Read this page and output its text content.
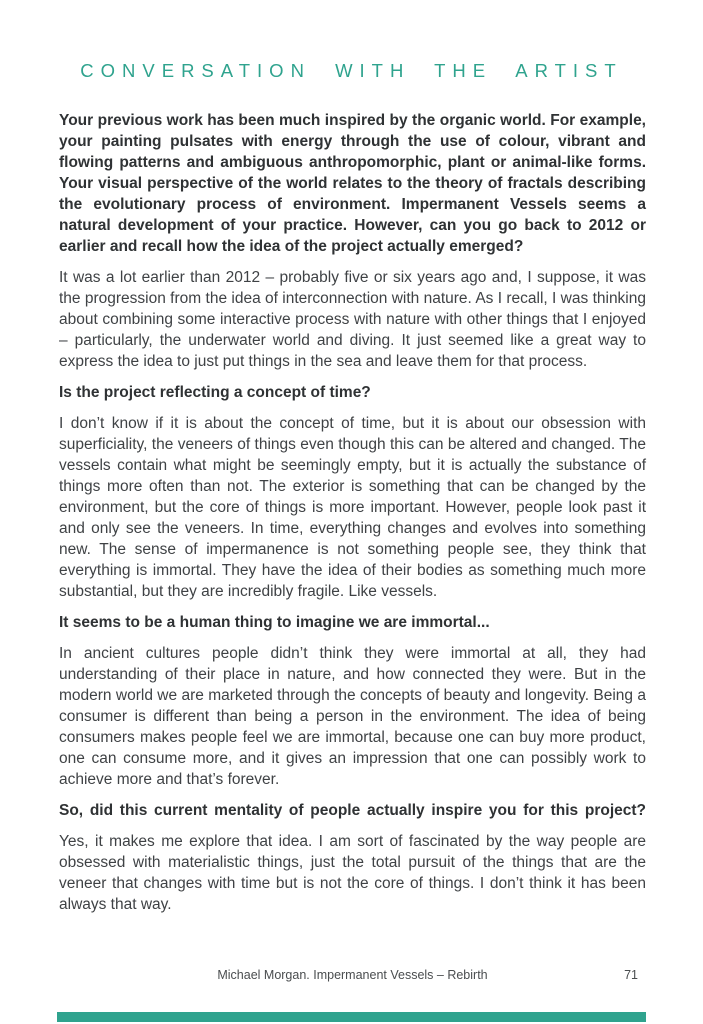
CONVERSATION WITH THE ARTIST

Your previous work has been much inspired by the organic world. For example, your painting pulsates with energy through the use of colour, vibrant and flowing patterns and ambiguous anthropomorphic, plant or animal-like forms. Your visual perspective of the world relates to the theory of fractals describing the evolutionary process of environment. Impermanent Vessels seems a natural development of your practice. However, can you go back to 2012 or earlier and recall how the idea of the project actually emerged?

It was a lot earlier than 2012 – probably five or six years ago and, I suppose, it was the progression from the idea of interconnection with nature. As I recall, I was thinking about combining some interactive process with nature with other things that I enjoyed – particularly, the underwater world and diving. It just seemed like a great way to express the idea to just put things in the sea and leave them for that process.

Is the project reflecting a concept of time?

I don’t know if it is about the concept of time, but it is about our obsession with superficiality, the veneers of things even though this can be altered and changed. The vessels contain what might be seemingly empty, but it is actually the substance of things more often than not. The exterior is something that can be changed by the environment, but the core of things is more important. However, people look past it and only see the veneers. In time, everything changes and evolves into something new. The sense of impermanence is not something people see, they think that everything is immortal. They have the idea of their bodies as something much more substantial, but they are incredibly fragile. Like vessels.

It seems to be a human thing to imagine we are immortal...

In ancient cultures people didn’t think they were immortal at all, they had understanding of their place in nature, and how connected they were. But in the modern world we are marketed through the concepts of beauty and longevity. Being a consumer is different than being a person in the environment. The idea of being consumers makes people feel we are immortal, because one can buy more product, one can consume more, and it gives an impression that one can possibly work to achieve more and that’s forever.

So, did this current mentality of people actually inspire you for this project?

Yes, it makes me explore that idea. I am sort of fascinated by the way people are obsessed with materialistic things, just the total pursuit of the things that are the veneer that changes with time but is not the core of things. I don’t think it has been always that way.

Michael Morgan. Impermanent Vessels – Rebirth	71
